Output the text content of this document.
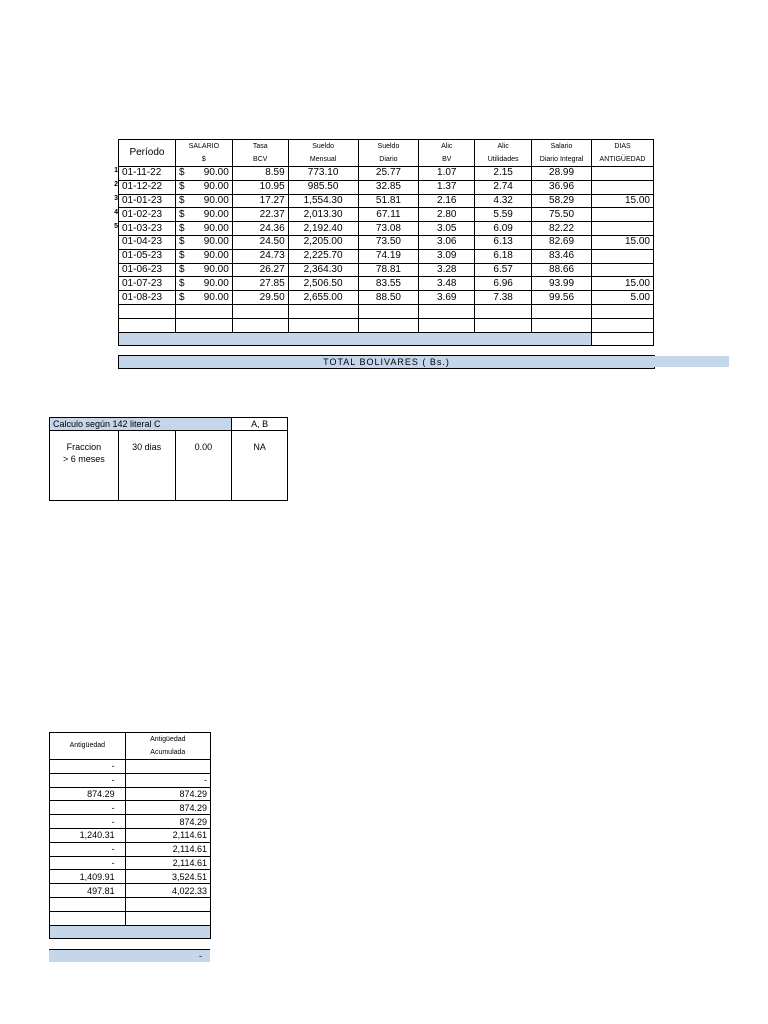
Período	SALARIO	Tasa	Sueldo	Sueldo	Alic	Alic	Salario	DIAS
	$	BCV	Mensual	Diario	BV	Utilidades	Diario Integral	ANTIGÜEDAD
01-11-22	$ 90.00	8.59	773.10	25.77	1.07	2.15	28.99	
01-12-22	$ 90.00	10.95	985.50	32.85	1.37	2.74	36.96	
01-01-23	$ 90.00	17.27	1,554.30	51.81	2.16	4.32	58.29	15.00
01-02-23	$ 90.00	22.37	2,013.30	67.11	2.80	5.59	75.50	
01-03-23	$ 90.00	24.36	2,192.40	73.08	3.05	6.09	82.22	
01-04-23	$ 90.00	24.50	2,205.00	73.50	3.06	6.13	82.69	15.00
01-05-23	$ 90.00	24.73	2,225.70	74.19	3.09	6.18	83.46	
01-06-23	$ 90.00	26.27	2,364.30	78.81	3.28	6.57	88.66	
01-07-23	$ 90.00	27.85	2,506.50	83.55	3.48	6.96	93.99	15.00
01-08-23	$ 90.00	29.50	2,655.00	88.50	3.69	7.38	99.56	5.00

1
2
3
4
5
TOTAL BOLIVARES ( Bs.)
Calculo según 142 literal C			A, B

Fraccion
> 6 meses	30 dias	0.00	NA
Antigüedad	Antigüedad
Acumulada

-	
-	-
874.29	874.29
-	874.29
-	874.29
1,240.31	2,114.61
-	2,114.61
-	2,114.61
1,409.91	3,524.51
497.81	4,022.33

-
